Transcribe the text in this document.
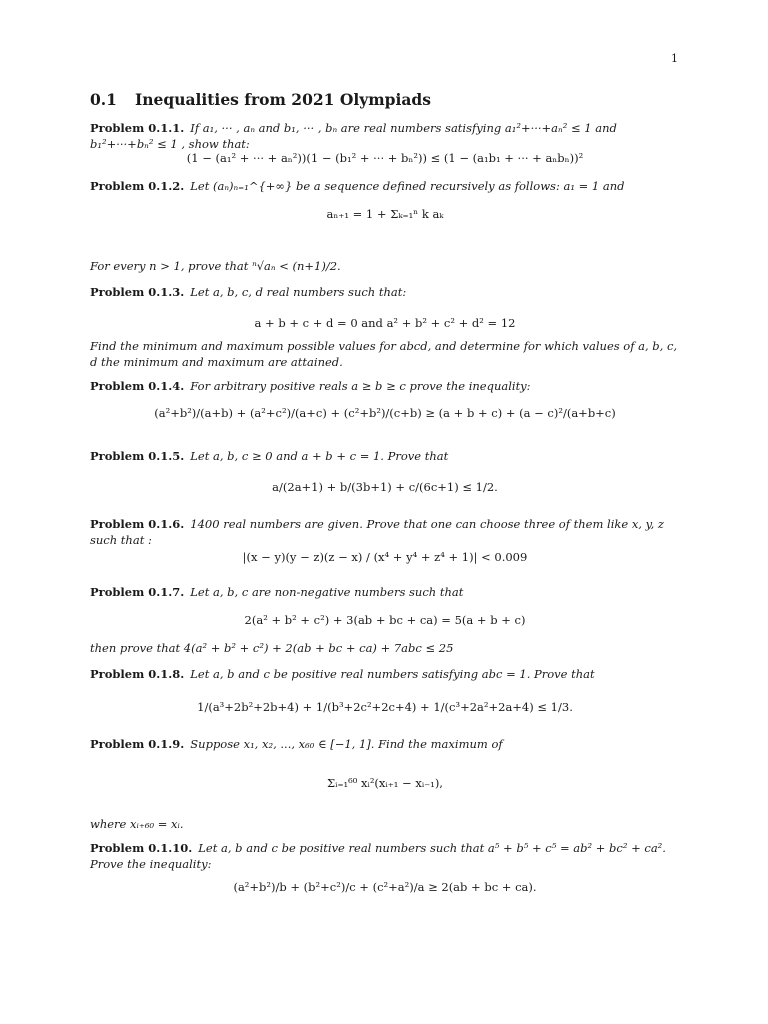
1
0.1 Inequalities from 2021 Olympiads
Problem 0.1.1. If a₁, ··· , aₙ and b₁, ··· , bₙ are real numbers satisfying a₁²+···+aₙ² ≤ 1 and b₁²+···+bₙ² ≤ 1 , show that:
(1 − (a₁² + ··· + aₙ²))(1 − (b₁² + ··· + bₙ²)) ≤ (1 − (a₁b₁ + ··· + aₙbₙ))²
Problem 0.1.2. Let (aₙ)ₙ₌₁^{+∞} be a sequence defined recursively as follows: a₁ = 1 and
aₙ₊₁ = 1 + Σₖ₌₁ⁿ k aₖ
For every n > 1, prove that ⁿ√aₙ < (n+1)/2.
Problem 0.1.3. Let a, b, c, d real numbers such that:
a + b + c + d = 0 and a² + b² + c² + d² = 12
Find the minimum and maximum possible values for abcd, and determine for which values of a, b, c, d the minimum and maximum are attained.
Problem 0.1.4. For arbitrary positive reals a ≥ b ≥ c prove the inequality:
(a²+b²)/(a+b) + (a²+c²)/(a+c) + (c²+b²)/(c+b) ≥ (a + b + c) + (a − c)²/(a+b+c)
Problem 0.1.5. Let a, b, c ≥ 0 and a + b + c = 1. Prove that
a/(2a+1) + b/(3b+1) + c/(6c+1) ≤ 1/2.
Problem 0.1.6. 1400 real numbers are given. Prove that one can choose three of them like x, y, z such that :
|(x − y)(y − z)(z − x) / (x⁴ + y⁴ + z⁴ + 1)| < 0.009
Problem 0.1.7. Let a, b, c are non-negative numbers such that
2(a² + b² + c²) + 3(ab + bc + ca) = 5(a + b + c)
then prove that 4(a² + b² + c²) + 2(ab + bc + ca) + 7abc ≤ 25
Problem 0.1.8. Let a, b and c be positive real numbers satisfying abc = 1. Prove that
1/(a³+2b²+2b+4) + 1/(b³+2c²+2c+4) + 1/(c³+2a²+2a+4) ≤ 1/3.
Problem 0.1.9. Suppose x₁, x₂, ..., x₆₀ ∈ [−1, 1]. Find the maximum of
Σᵢ₌₁⁶⁰ xᵢ²(xᵢ₊₁ − xᵢ₋₁),
where xᵢ₊₆₀ = xᵢ.
Problem 0.1.10. Let a, b and c be positive real numbers such that a⁵ + b⁵ + c⁵ = ab² + bc² + ca². Prove the inequality:
(a²+b²)/b + (b²+c²)/c + (c²+a²)/a ≥ 2(ab + bc + ca).
